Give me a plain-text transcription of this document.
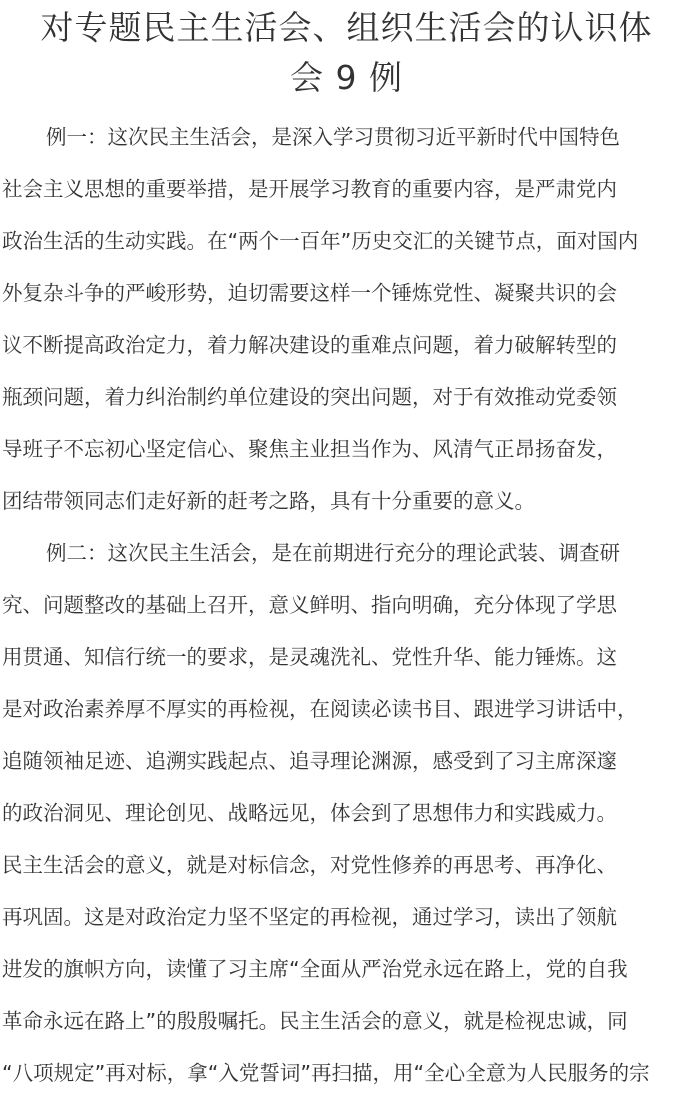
对专题民主生活会、组织生活会的认识体
会 9 例
例一：这次民主生活会，是深入学习贯彻习近平新时代中国特色
社会主义思想的重要举措，是开展学习教育的重要内容，是严肃党内
政治生活的生动实践。在“两个一百年”历史交汇的关键节点，面对国内
外复杂斗争的严峻形势，迫切需要这样一个锤炼党性、凝聚共识的会
议不断提高政治定力，着力解决建设的重难点问题，着力破解转型的
瓶颈问题，着力纠治制约单位建设的突出问题，对于有效推动党委领
导班子不忘初心坚定信心、聚焦主业担当作为、风清气正昂扬奋发，
团结带领同志们走好新的赶考之路，具有十分重要的意义。
例二：这次民主生活会，是在前期进行充分的理论武装、调查研
究、问题整改的基础上召开，意义鲜明、指向明确，充分体现了学思
用贯通、知信行统一的要求，是灵魂洗礼、党性升华、能力锤炼。这
是对政治素养厚不厚实的再检视，在阅读必读书目、跟进学习讲话中，
追随领袖足迹、追溯实践起点、追寻理论渊源，感受到了习主席深邃
的政治洞见、理论创见、战略远见，体会到了思想伟力和实践威力。
民主生活会的意义，就是对标信念，对党性修养的再思考、再净化、
再巩固。这是对政治定力坚不坚定的再检视，通过学习，读出了领航
进发的旗帜方向，读懂了习主席“全面从严治党永远在路上，党的自我
革命永远在路上”的殷殷嘱托。民主生活会的意义，就是检视忠诚，同
“八项规定”再对标，拿“入党誓词”再扫描，用“全心全意为人民服务的宗
